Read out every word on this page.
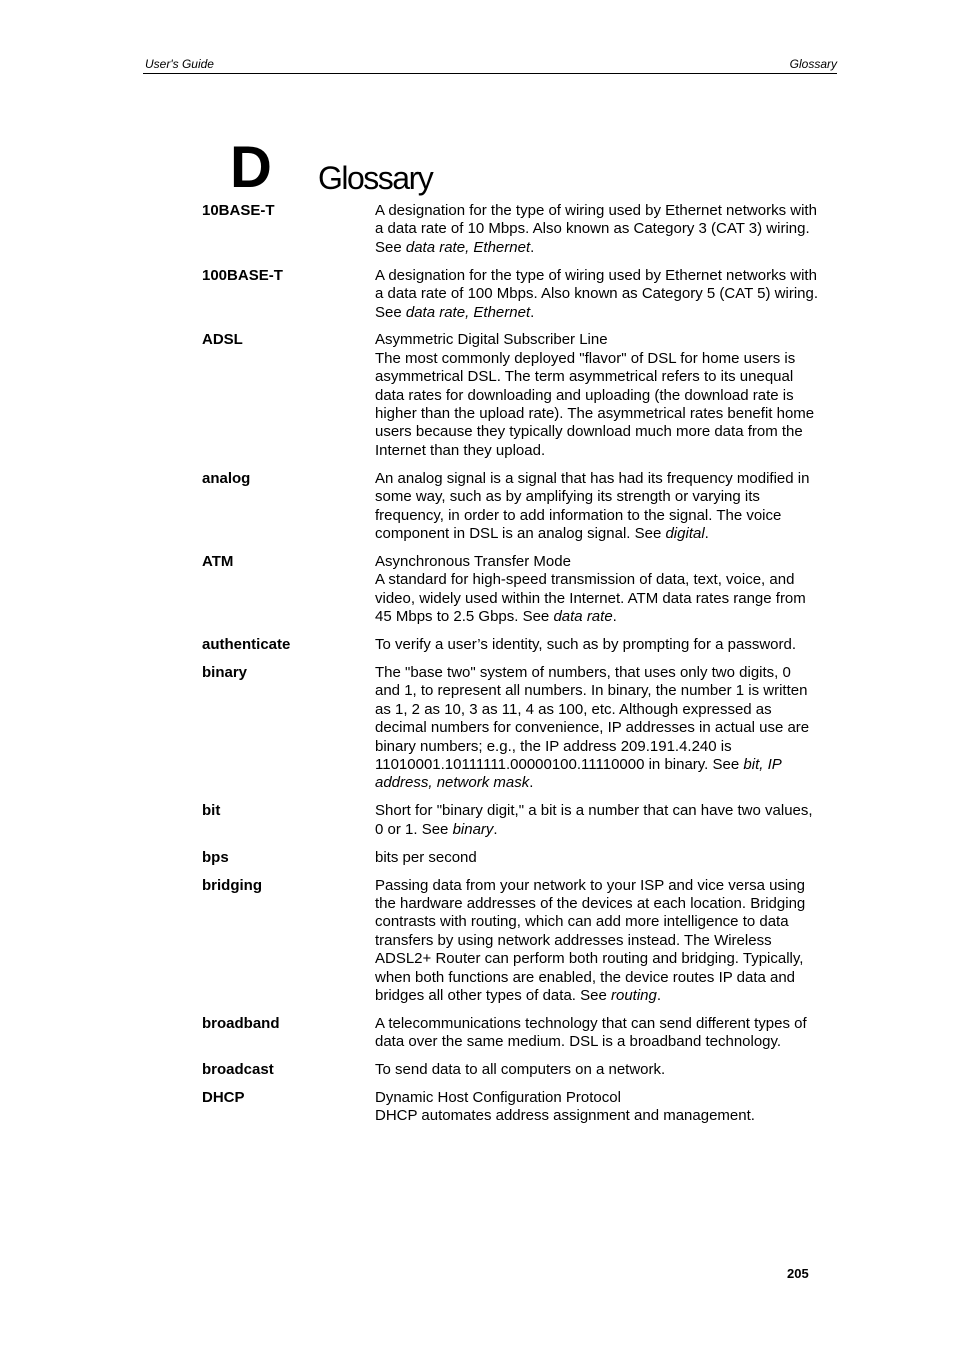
User's Guide	Glossary
D Glossary
10BASE-T	A designation for the type of wiring used by Ethernet networks with a data rate of 10 Mbps. Also known as Category 3 (CAT 3) wiring. See data rate, Ethernet.
100BASE-T	A designation for the type of wiring used by Ethernet networks with a data rate of 100 Mbps. Also known as Category 5 (CAT 5) wiring. See data rate, Ethernet.
ADSL	Asymmetric Digital Subscriber Line
The most commonly deployed "flavor" of DSL for home users is asymmetrical DSL. The term asymmetrical refers to its unequal data rates for downloading and uploading (the download rate is higher than the upload rate). The asymmetrical rates benefit home users because they typically download much more data from the Internet than they upload.
analog	An analog signal is a signal that has had its frequency modified in some way, such as by amplifying its strength or varying its frequency, in order to add information to the signal. The voice component in DSL is an analog signal. See digital.
ATM	Asynchronous Transfer Mode
A standard for high-speed transmission of data, text, voice, and video, widely used within the Internet. ATM data rates range from 45 Mbps to 2.5 Gbps. See data rate.
authenticate	To verify a user’s identity, such as by prompting for a password.
binary	The "base two" system of numbers, that uses only two digits, 0 and 1, to represent all numbers. In binary, the number 1 is written as 1, 2 as 10, 3 as 11, 4 as 100, etc. Although expressed as decimal numbers for convenience, IP addresses in actual use are binary numbers; e.g., the IP address 209.191.4.240 is 11010001.10111111.00000100.11110000 in binary. See bit, IP address, network mask.
bit	Short for "binary digit," a bit is a number that can have two values, 0 or 1. See binary.
bps	bits per second
bridging	Passing data from your network to your ISP and vice versa using the hardware addresses of the devices at each location. Bridging contrasts with routing, which can add more intelligence to data transfers by using network addresses instead. The Wireless ADSL2+ Router can perform both routing and bridging. Typically, when both functions are enabled, the device routes IP data and bridges all other types of data. See routing.
broadband	A telecommunications technology that can send different types of data over the same medium. DSL is a broadband technology.
broadcast	To send data to all computers on a network.
DHCP	Dynamic Host Configuration Protocol
DHCP automates address assignment and management.
205
